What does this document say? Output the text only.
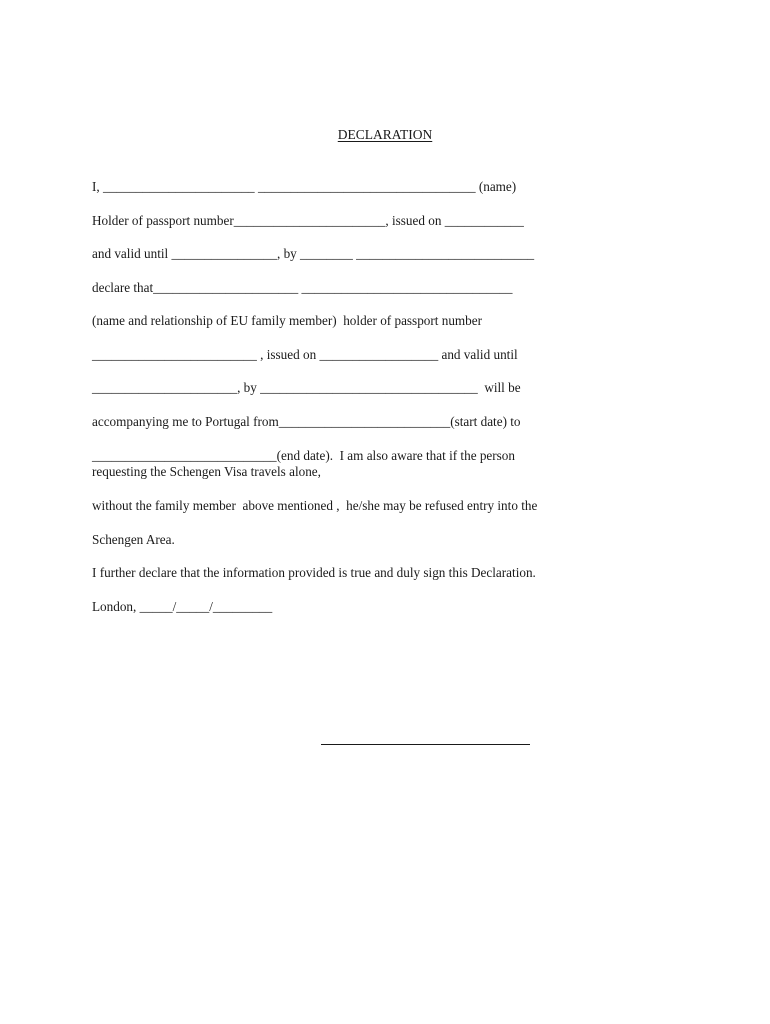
DECLARATION
I, _______________________ _________________________________ (name)
Holder of passport number_______________________, issued on ____________
and valid until ________________, by ________ ___________________________
declare that______________________ ________________________________
(name and relationship of EU family member)  holder of passport number
_________________________ , issued on __________________ and valid until
______________________, by _________________________________  will be
accompanying me to Portugal from__________________________(start date) to
____________________________(end date).  I am also aware that if the person
requesting the Schengen Visa travels alone,
without the family member  above mentioned ,  he/she may be refused entry into the
Schengen Area.
I further declare that the information provided is true and duly sign this Declaration.
London, _____/_____/_________
